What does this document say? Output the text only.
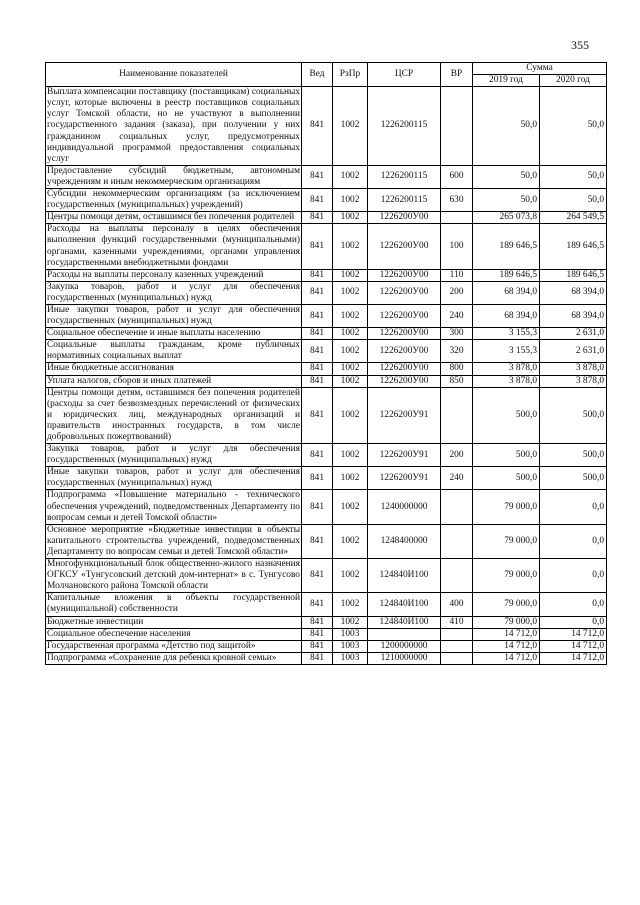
355
Наименование показателей	Вед	РзПр	ЦСР	ВР	Сумма	
					2019 год	2020 год
Выплата компенсации поставщику (поставщикам) социальных услуг, которые включены в реестр поставщиков социальных услуг Томской области, но не участвуют в выполнении государственного задания (заказа), при получении у них гражданином социальных услуг, предусмотренных индивидуальной программой предоставления социальных услуг	841	1002	1226200115		50,0	50,0
Предоставление субсидий бюджетным, автономным учреждениям и иным некоммерческим организациям	841	1002	1226200115	600	50,0	50,0
Субсидии некоммерческим организациям (за исключением государственных (муниципальных) учреждений)	841	1002	1226200115	630	50,0	50,0
Центры помощи детям, оставшимся без попечения родителей	841	1002	1226200У00		265 073,8	264 549,5
Расходы на выплаты персоналу в целях обеспечения выполнения функций государственными (муниципальными) органами, казенными учреждениями, органами управления государственными внебюджетными фондами	841	1002	1226200У00	100	189 646,5	189 646,5
Расходы на выплаты персоналу казенных учреждений	841	1002	1226200У00	110	189 646,5	189 646,5
Закупка товаров, работ и услуг для обеспечения государственных (муниципальных) нужд	841	1002	1226200У00	200	68 394,0	68 394,0
Иные закупки товаров, работ и услуг для обеспечения государственных (муниципальных) нужд	841	1002	1226200У00	240	68 394,0	68 394,0
Социальное обеспечение и иные выплаты населению	841	1002	1226200У00	300	3 155,3	2 631,0
Социальные выплаты гражданам, кроме публичных нормативных социальных выплат	841	1002	1226200У00	320	3 155,3	2 631,0
Иные бюджетные ассигнования	841	1002	1226200У00	800	3 878,0	3 878,0
Уплата налогов, сборов и иных платежей	841	1002	1226200У00	850	3 878,0	3 878,0
Центры помощи детям, оставшимся без попечения родителей (расходы за счет безвозмездных перечислений от физических и юридических лиц, международных организаций и правительств иностранных государств, в том числе добровольных пожертвований)	841	1002	1226200У91		500,0	500,0
Закупка товаров, работ и услуг для обеспечения государственных (муниципальных) нужд	841	1002	1226200У91	200	500,0	500,0
Иные закупки товаров, работ и услуг для обеспечения государственных (муниципальных) нужд	841	1002	1226200У91	240	500,0	500,0
Подпрограмма «Повышение материально - технического обеспечения учреждений, подведомственных Департаменту по вопросам семьи и детей Томской области»	841	1002	1240000000		79 000,0	0,0
Основное мероприятие «Бюджетные инвестиции в объекты капитального строительства учреждений, подведомственных Департаменту по вопросам семьи и детей Томской области»	841	1002	1248400000		79 000,0	0,0
Многофункциональный блок общественно-жилого назначения ОГКСУ «Тунгусовский детский дом-интернат» в с. Тунгусово Молчановского района Томской области	841	1002	124840И100		79 000,0	0,0
Капитальные вложения в объекты государственной (муниципальной) собственности	841	1002	124840И100	400	79 000,0	0,0
Бюджетные инвестиции	841	1002	124840И100	410	79 000,0	0,0
Социальное обеспечение населения	841	1003			14 712,0	14 712,0
Государственная программа «Детство под защитой»	841	1003	1200000000		14 712,0	14 712,0
Подпрограмма «Сохранение для ребенка кровной семьи»	841	1003	1210000000		14 712,0	14 712,0
